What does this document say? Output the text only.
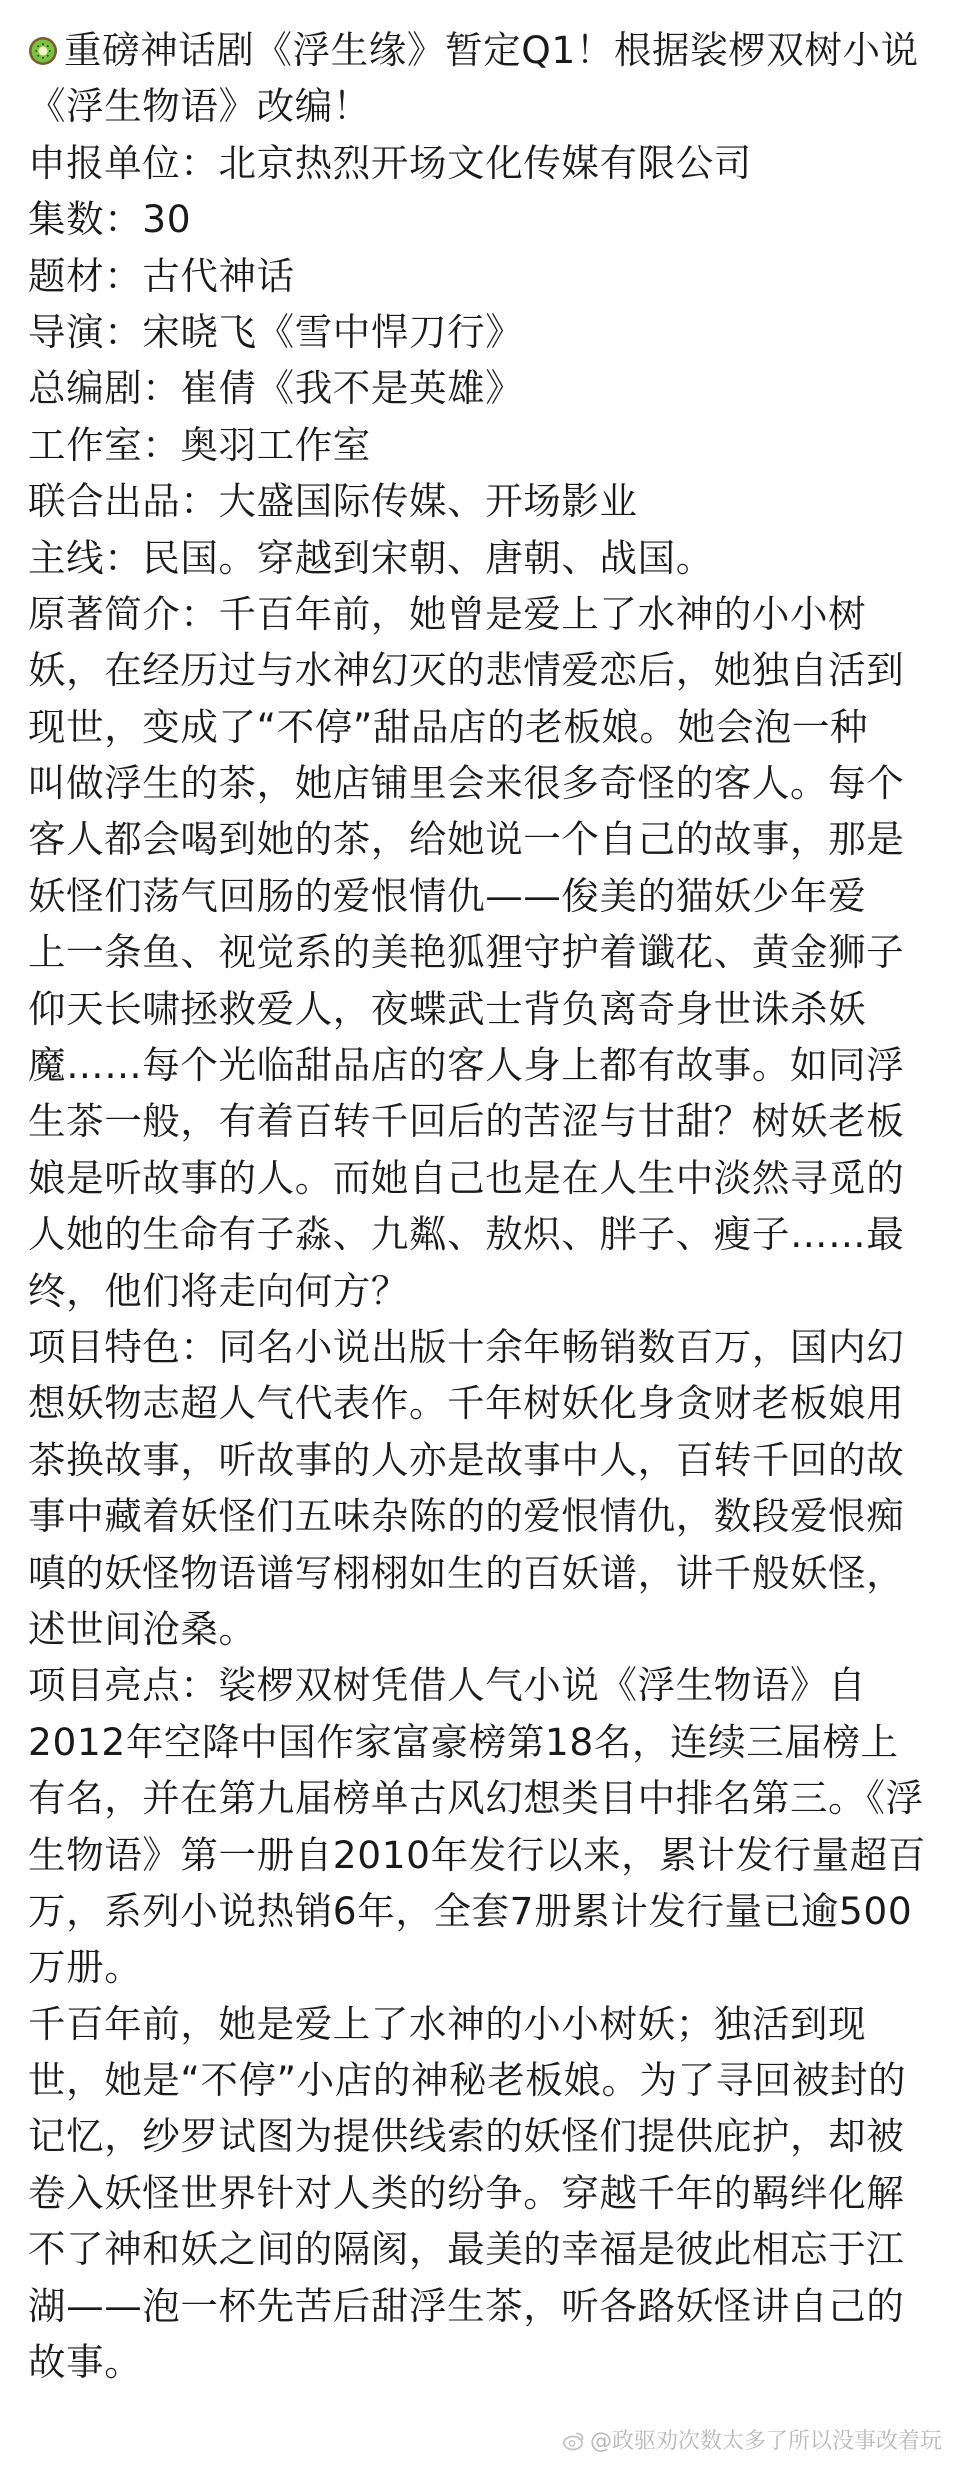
重磅神话剧《浮生缘》暂定Q1！根据裟椤双树小说
《浮生物语》改编！
申报单位：北京热烈开场文化传媒有限公司
集数：30
题材：古代神话
导演：宋晓飞《雪中悍刀行》
总编剧：崔倩《我不是英雄》
工作室：奥羽工作室
联合出品：大盛国际传媒、开场影业
主线：民国。穿越到宋朝、唐朝、战国。
原著简介：千百年前，她曾是爱上了水神的小小树
妖，在经历过与水神幻灭的悲情爱恋后，她独自活到
现世，变成了“不停”甜品店的老板娘。她会泡一种
叫做浮生的茶，她店铺里会来很多奇怪的客人。每个
客人都会喝到她的茶，给她说一个自己的故事，那是
妖怪们荡气回肠的爱恨情仇——俊美的猫妖少年爱
上一条鱼、视觉系的美艳狐狸守护着谶花、黄金狮子
仰天长啸拯救爱人，夜蝶武士背负离奇身世诛杀妖
魔……每个光临甜品店的客人身上都有故事。如同浮
生茶一般，有着百转千回后的苦涩与甘甜？树妖老板
娘是听故事的人。而她自己也是在人生中淡然寻觅的
人她的生命有子淼、九粼、敖炽、胖子、瘦子……最
终，他们将走向何方？
项目特色：同名小说出版十余年畅销数百万，国内幻
想妖物志超人气代表作。千年树妖化身贪财老板娘用
茶换故事，听故事的人亦是故事中人，百转千回的故
事中藏着妖怪们五味杂陈的的爱恨情仇，数段爱恨痴
嗔的妖怪物语谱写栩栩如生的百妖谱，讲千般妖怪，
述世间沧桑。
项目亮点：裟椤双树凭借人气小说《浮生物语》自
2012年空降中国作家富豪榜第18名，连续三届榜上
有名，并在第九届榜单古风幻想类目中排名第三。《浮
生物语》第一册自2010年发行以来，累计发行量超百
万，系列小说热销6年，全套7册累计发行量已逾500
万册。
千百年前，她是爱上了水神的小小树妖；独活到现
世，她是“不停”小店的神秘老板娘。为了寻回被封的
记忆，纱罗试图为提供线索的妖怪们提供庇护，却被
卷入妖怪世界针对人类的纷争。穿越千年的羁绊化解
不了神和妖之间的隔阂，最美的幸福是彼此相忘于江
湖——泡一杯先苦后甜浮生茶，听各路妖怪讲自己的
故事。
@政驱劝次数太多了所以没事改着玩
